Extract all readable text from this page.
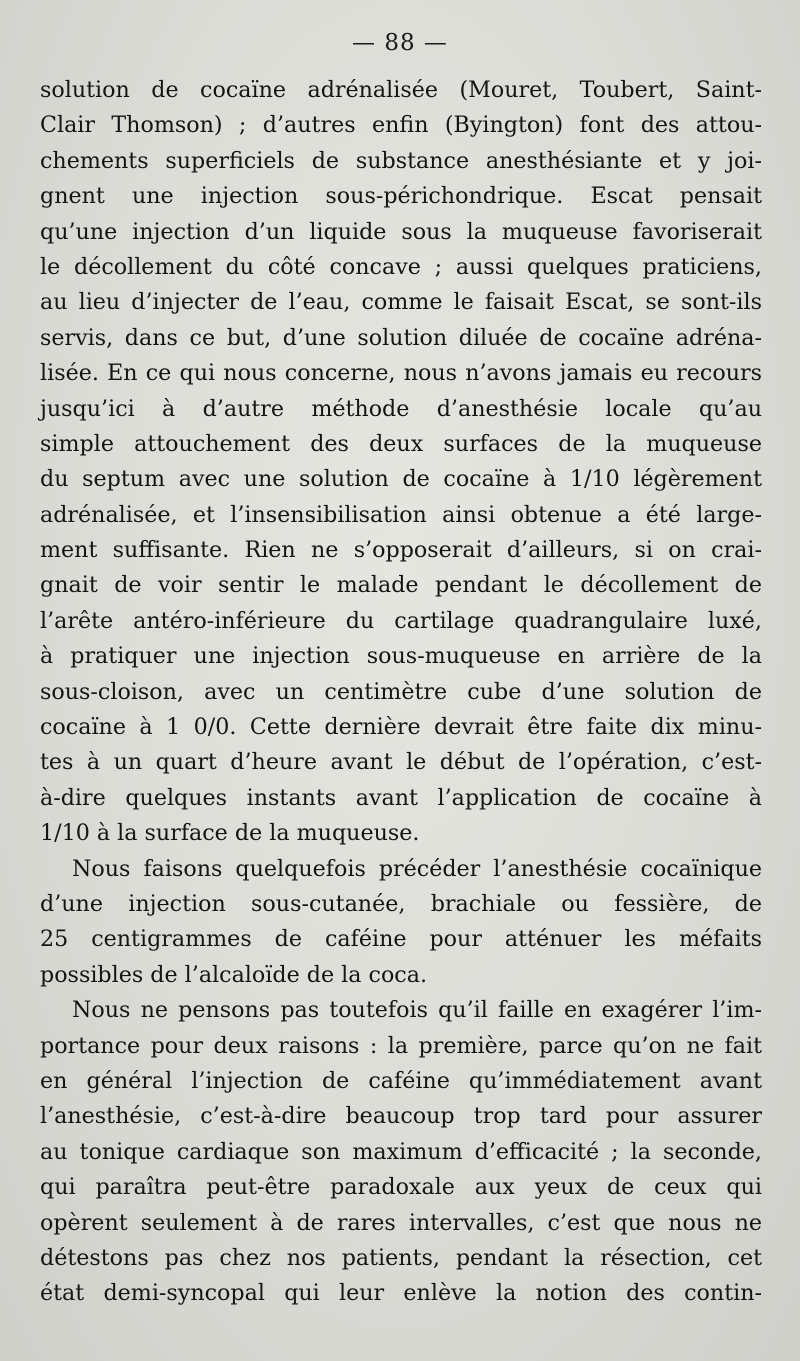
— 88 —
solution de cocaïne adrénalisée (Mouret, Toubert, Saint-
Clair Thomson) ; d’autres enfin (Byington) font des attou-
chements superficiels de substance anesthésiante et y joi-
gnent une injection sous-périchondrique. Escat pensait
qu’une injection d’un liquide sous la muqueuse favoriserait
le décollement du côté concave ; aussi quelques praticiens,
au lieu d’injecter de l’eau, comme le faisait Escat, se sont-ils
servis, dans ce but, d’une solution diluée de cocaïne adréna-
lisée. En ce qui nous concerne, nous n’avons jamais eu recours
jusqu’ici à d’autre méthode d’anesthésie locale qu’au
simple attouchement des deux surfaces de la muqueuse
du septum avec une solution de cocaïne à 1/10 légèrement
adrénalisée, et l’insensibilisation ainsi obtenue a été large-
ment suffisante. Rien ne s’opposerait d’ailleurs, si on crai-
gnait de voir sentir le malade pendant le décollement de
l’arête antéro-inférieure du cartilage quadrangulaire luxé,
à pratiquer une injection sous-muqueuse en arrière de la
sous-cloison, avec un centimètre cube d’une solution de
cocaïne à 1 0/0. Cette dernière devrait être faite dix minu-
tes à un quart d’heure avant le début de l’opération, c’est-
à-dire quelques instants avant l’application de cocaïne à
1/10 à la surface de la muqueuse.
Nous faisons quelquefois précéder l’anesthésie cocaïnique
d’une injection sous-cutanée, brachiale ou fessière, de
25 centigrammes de caféine pour atténuer les méfaits
possibles de l’alcaloïde de la coca.
Nous ne pensons pas toutefois qu’il faille en exagérer l’im-
portance pour deux raisons : la première, parce qu’on ne fait
en général l’injection de caféine qu’immédiatement avant
l’anesthésie, c’est-à-dire beaucoup trop tard pour assurer
au tonique cardiaque son maximum d’efficacité ; la seconde,
qui paraîtra peut-être paradoxale aux yeux de ceux qui
opèrent seulement à de rares intervalles, c’est que nous ne
détestons pas chez nos patients, pendant la résection, cet
état demi-syncopal qui leur enlève la notion des contin-
